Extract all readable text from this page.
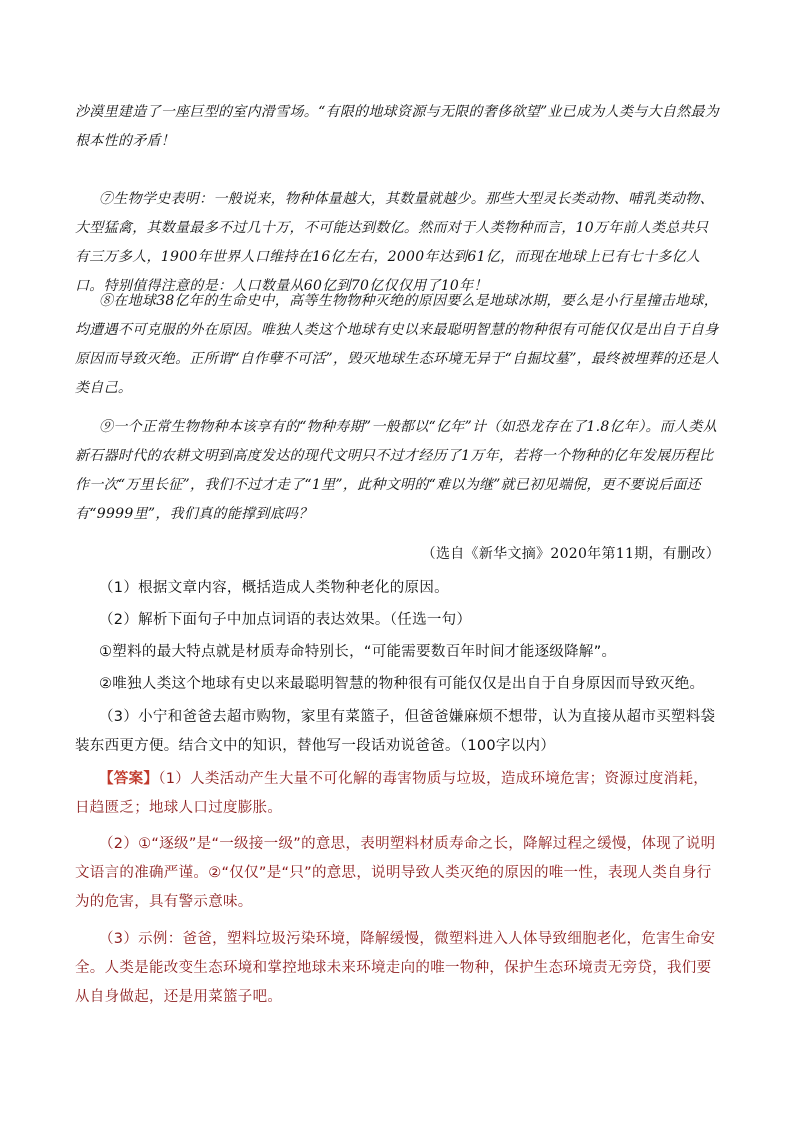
沙漠里建造了一座巨型的室内滑雪场。“有限的地球资源与无限的奢侈欲望”业已成为人类与大自然最为根本性的矛盾！

⑦生物学史表明：一般说来，物种体量越大，其数量就越少。那些大型灵长类动物、哺乳类动物、大型猛禽，其数量最多不过几十万，不可能达到数亿。然而对于人类物种而言，10万年前人类总共只有三万多人，1900年世界人口维持在16亿左右，2000年达到61亿，而现在地球上已有七十多亿人口。特别值得注意的是：人口数量从60亿到70亿仅仅用了10年！

⑧在地球38亿年的生命史中，高等生物物种灭绝的原因要么是地球冰期，要么是小行星撞击地球，均遭遇不可克服的外在原因。唯独人类这个地球有史以来最聪明智慧的物种很有可能仅仅是出自于自身原因而导致灭绝。正所谓“自作孽不可活”，毁灭地球生态环境无异于“自掘坟墓”，最终被埋葬的还是人类自己。

⑨一个正常生物物种本该享有的“物种寿期”一般都以“亿年”计（如恐龙存在了1.8亿年）。而人类从新石器时代的农耕文明到高度发达的现代文明只不过才经历了1万年，若将一个物种的亿年发展历程比作一次“万里长征”，我们不过才走了“1里”，此种文明的“难以为继”就已初见端倪，更不要说后面还有“9999里”，我们真的能撑到底吗？

（选自《新华文摘》2020年第11期，有删改）

（1）根据文章内容，概括造成人类物种老化的原因。

（2）解析下面句子中加点词语的表达效果。（任选一句）

①塑料的最大特点就是材质寿命特别长，“可能需要数百年时间才能逐级降解”。

②唯独人类这个地球有史以来最聪明智慧的物种很有可能仅仅是出自于自身原因而导致灭绝。

（3）小宁和爸爸去超市购物，家里有菜篮子，但爸爸嫌麻烦不想带，认为直接从超市买塑料袋装东西更方便。结合文中的知识，替他写一段话劝说爸爸。（100字以内）

【答案】（1）人类活动产生大量不可化解的毒害物质与垃圾，造成环境危害；资源过度消耗，日趋匮乏；地球人口过度膨胀。

（2）①“逐级”是“一级接一级”的意思，表明塑料材质寿命之长，降解过程之缓慢，体现了说明文语言的准确严谨。②“仅仅”是“只”的意思，说明导致人类灭绝的原因的唯一性，表现人类自身行为的危害，具有警示意味。

（3）示例：爸爸，塑料垃圾污染环境，降解缓慢，微塑料进入人体导致细胞老化，危害生命安全。人类是能改变生态环境和掌控地球未来环境走向的唯一物种，保护生态环境责无旁贷，我们要从自身做起，还是用菜篮子吧。
